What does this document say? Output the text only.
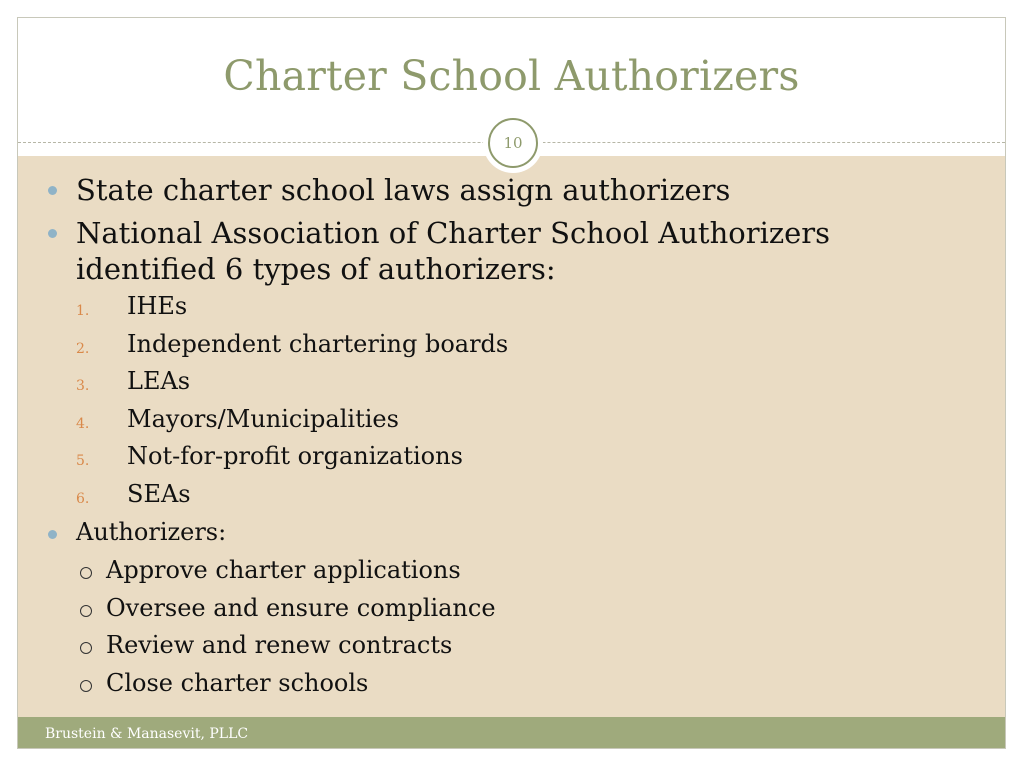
Charter School Authorizers
State charter school laws assign authorizers
National Association of Charter School Authorizers identified 6 types of authorizers:
1. IHEs
2. Independent chartering boards
3. LEAs
4. Mayors/Municipalities
5. Not-for-profit organizations
6. SEAs
Authorizers:
Approve charter applications
Oversee and ensure compliance
Review and renew contracts
Close charter schools
10
Brustein & Manasevit, PLLC
